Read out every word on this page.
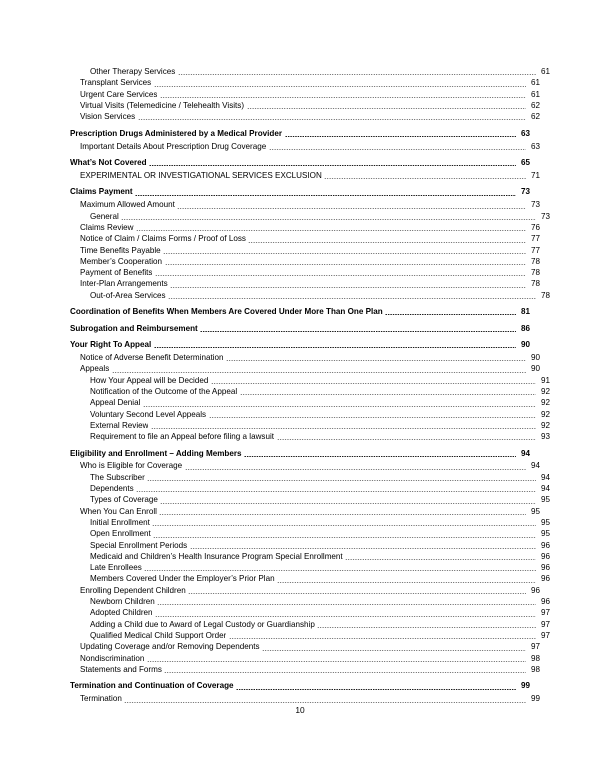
Other Therapy Services	61
Transplant Services	61
Urgent Care Services	61
Virtual Visits (Telemedicine / Telehealth Visits)	62
Vision Services	62
Prescription Drugs Administered by a Medical Provider	63
Important Details About Prescription Drug Coverage	63
What’s Not Covered	65
EXPERIMENTAL OR INVESTIGATIONAL SERVICES EXCLUSION	71
Claims Payment	73
Maximum Allowed Amount	73
General	73
Claims Review	76
Notice of Claim / Claims Forms / Proof of Loss	77
Time Benefits Payable	77
Member’s Cooperation	78
Payment of Benefits	78
Inter-Plan Arrangements	78
Out-of-Area Services	78
Coordination of Benefits When Members Are Covered Under More Than One Plan	81
Subrogation and Reimbursement	86
Your Right To Appeal	90
Notice of Adverse Benefit Determination	90
Appeals	90
How Your Appeal will be Decided	91
Notification of the Outcome of the Appeal	92
Appeal Denial	92
Voluntary Second Level Appeals	92
External Review	92
Requirement to file an Appeal before filing a lawsuit	93
Eligibility and Enrollment – Adding Members	94
Who is Eligible for Coverage	94
The Subscriber	94
Dependents	94
Types of Coverage	95
When You Can Enroll	95
Initial Enrollment	95
Open Enrollment	95
Special Enrollment Periods	96
Medicaid and Children’s Health Insurance Program Special Enrollment	96
Late Enrollees	96
Members Covered Under the Employer’s Prior Plan	96
Enrolling Dependent Children	96
Newborn Children	96
Adopted Children	97
Adding a Child due to Award of Legal Custody or Guardianship	97
Qualified Medical Child Support Order	97
Updating Coverage and/or Removing Dependents	97
Nondiscrimination	98
Statements and Forms	98
Termination and Continuation of Coverage	99
Termination	99
10
